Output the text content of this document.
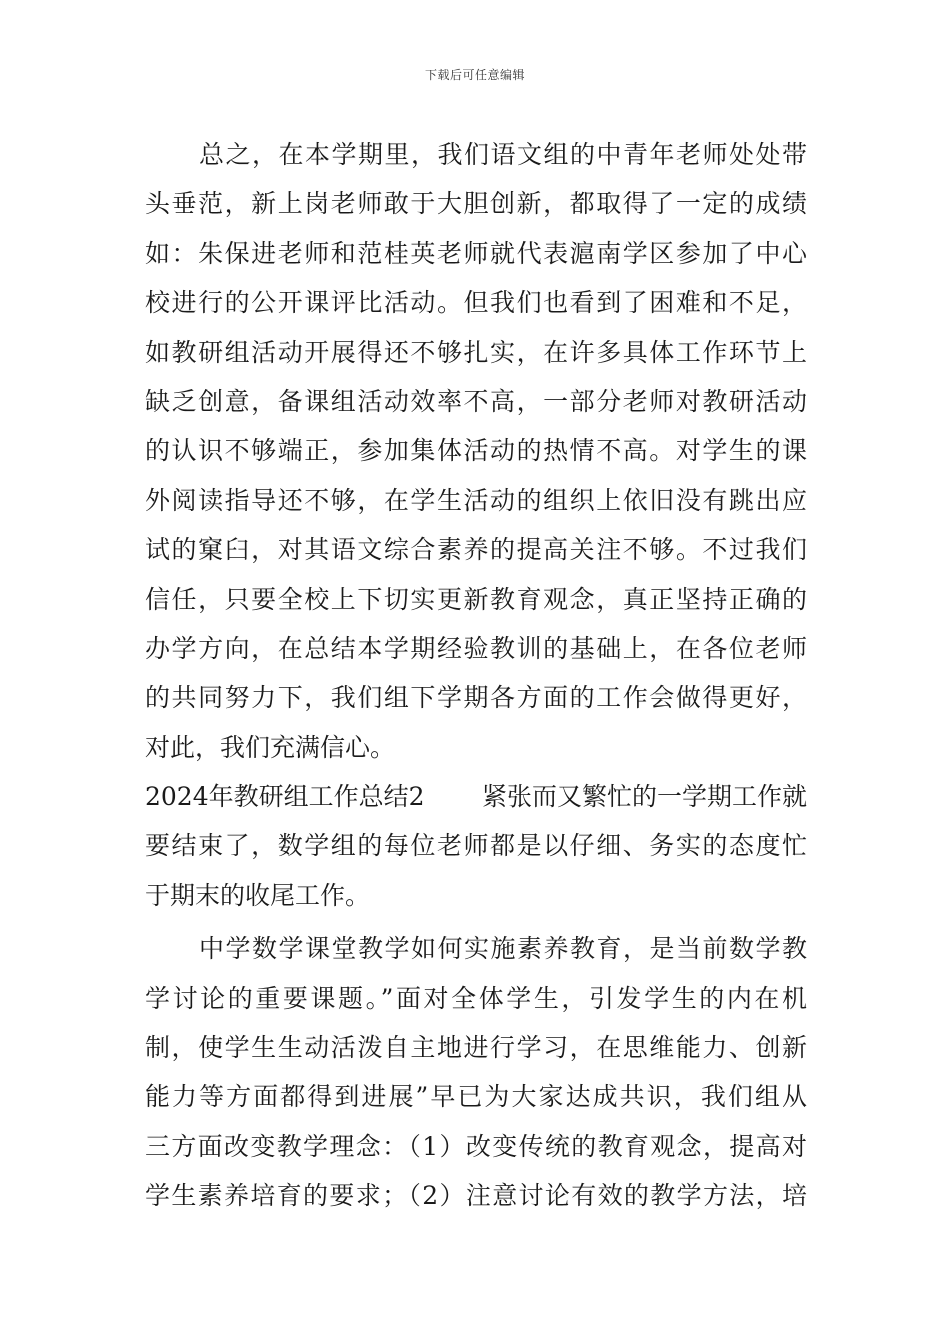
下载后可任意编辑
总之，在本学期里，我们语文组的中青年老师处处带
头垂范，新上岗老师敢于大胆创新，都取得了一定的成绩
如：朱保进老师和范桂英老师就代表滬南学区参加了中心
校进行的公开课评比活动。但我们也看到了困难和不足，
如教研组活动开展得还不够扎实，在许多具体工作环节上
缺乏创意，备课组活动效率不高，一部分老师对教研活动
的认识不够端正，参加集体活动的热情不高。对学生的课
外阅读指导还不够，在学生活动的组织上依旧没有跳出应
试的窠臼，对其语文综合素养的提高关注不够。不过我们
信任，只要全校上下切实更新教育观念，真正坚持正确的
办学方向，在总结本学期经验教训的基础上，在各位老师
的共同努力下，我们组下学期各方面的工作会做得更好，
对此，我们充满信心。
2024年教研组工作总结2	紧张而又繁忙的一学期工作就
要结束了，数学组的每位老师都是以仔细、务实的态度忙
于期末的收尾工作。
中学数学课堂教学如何实施素养教育，是当前数学教
学讨论的重要课题。”面对全体学生，引发学生的内在机
制，使学生生动活泼自主地进行学习，在思维能力、创新
能力等方面都得到进展”早已为大家达成共识，我们组从
三方面改变教学理念：（1）改变传统的教育观念，提高对
学生素养培育的要求；（2）注意讨论有效的教学方法，培
